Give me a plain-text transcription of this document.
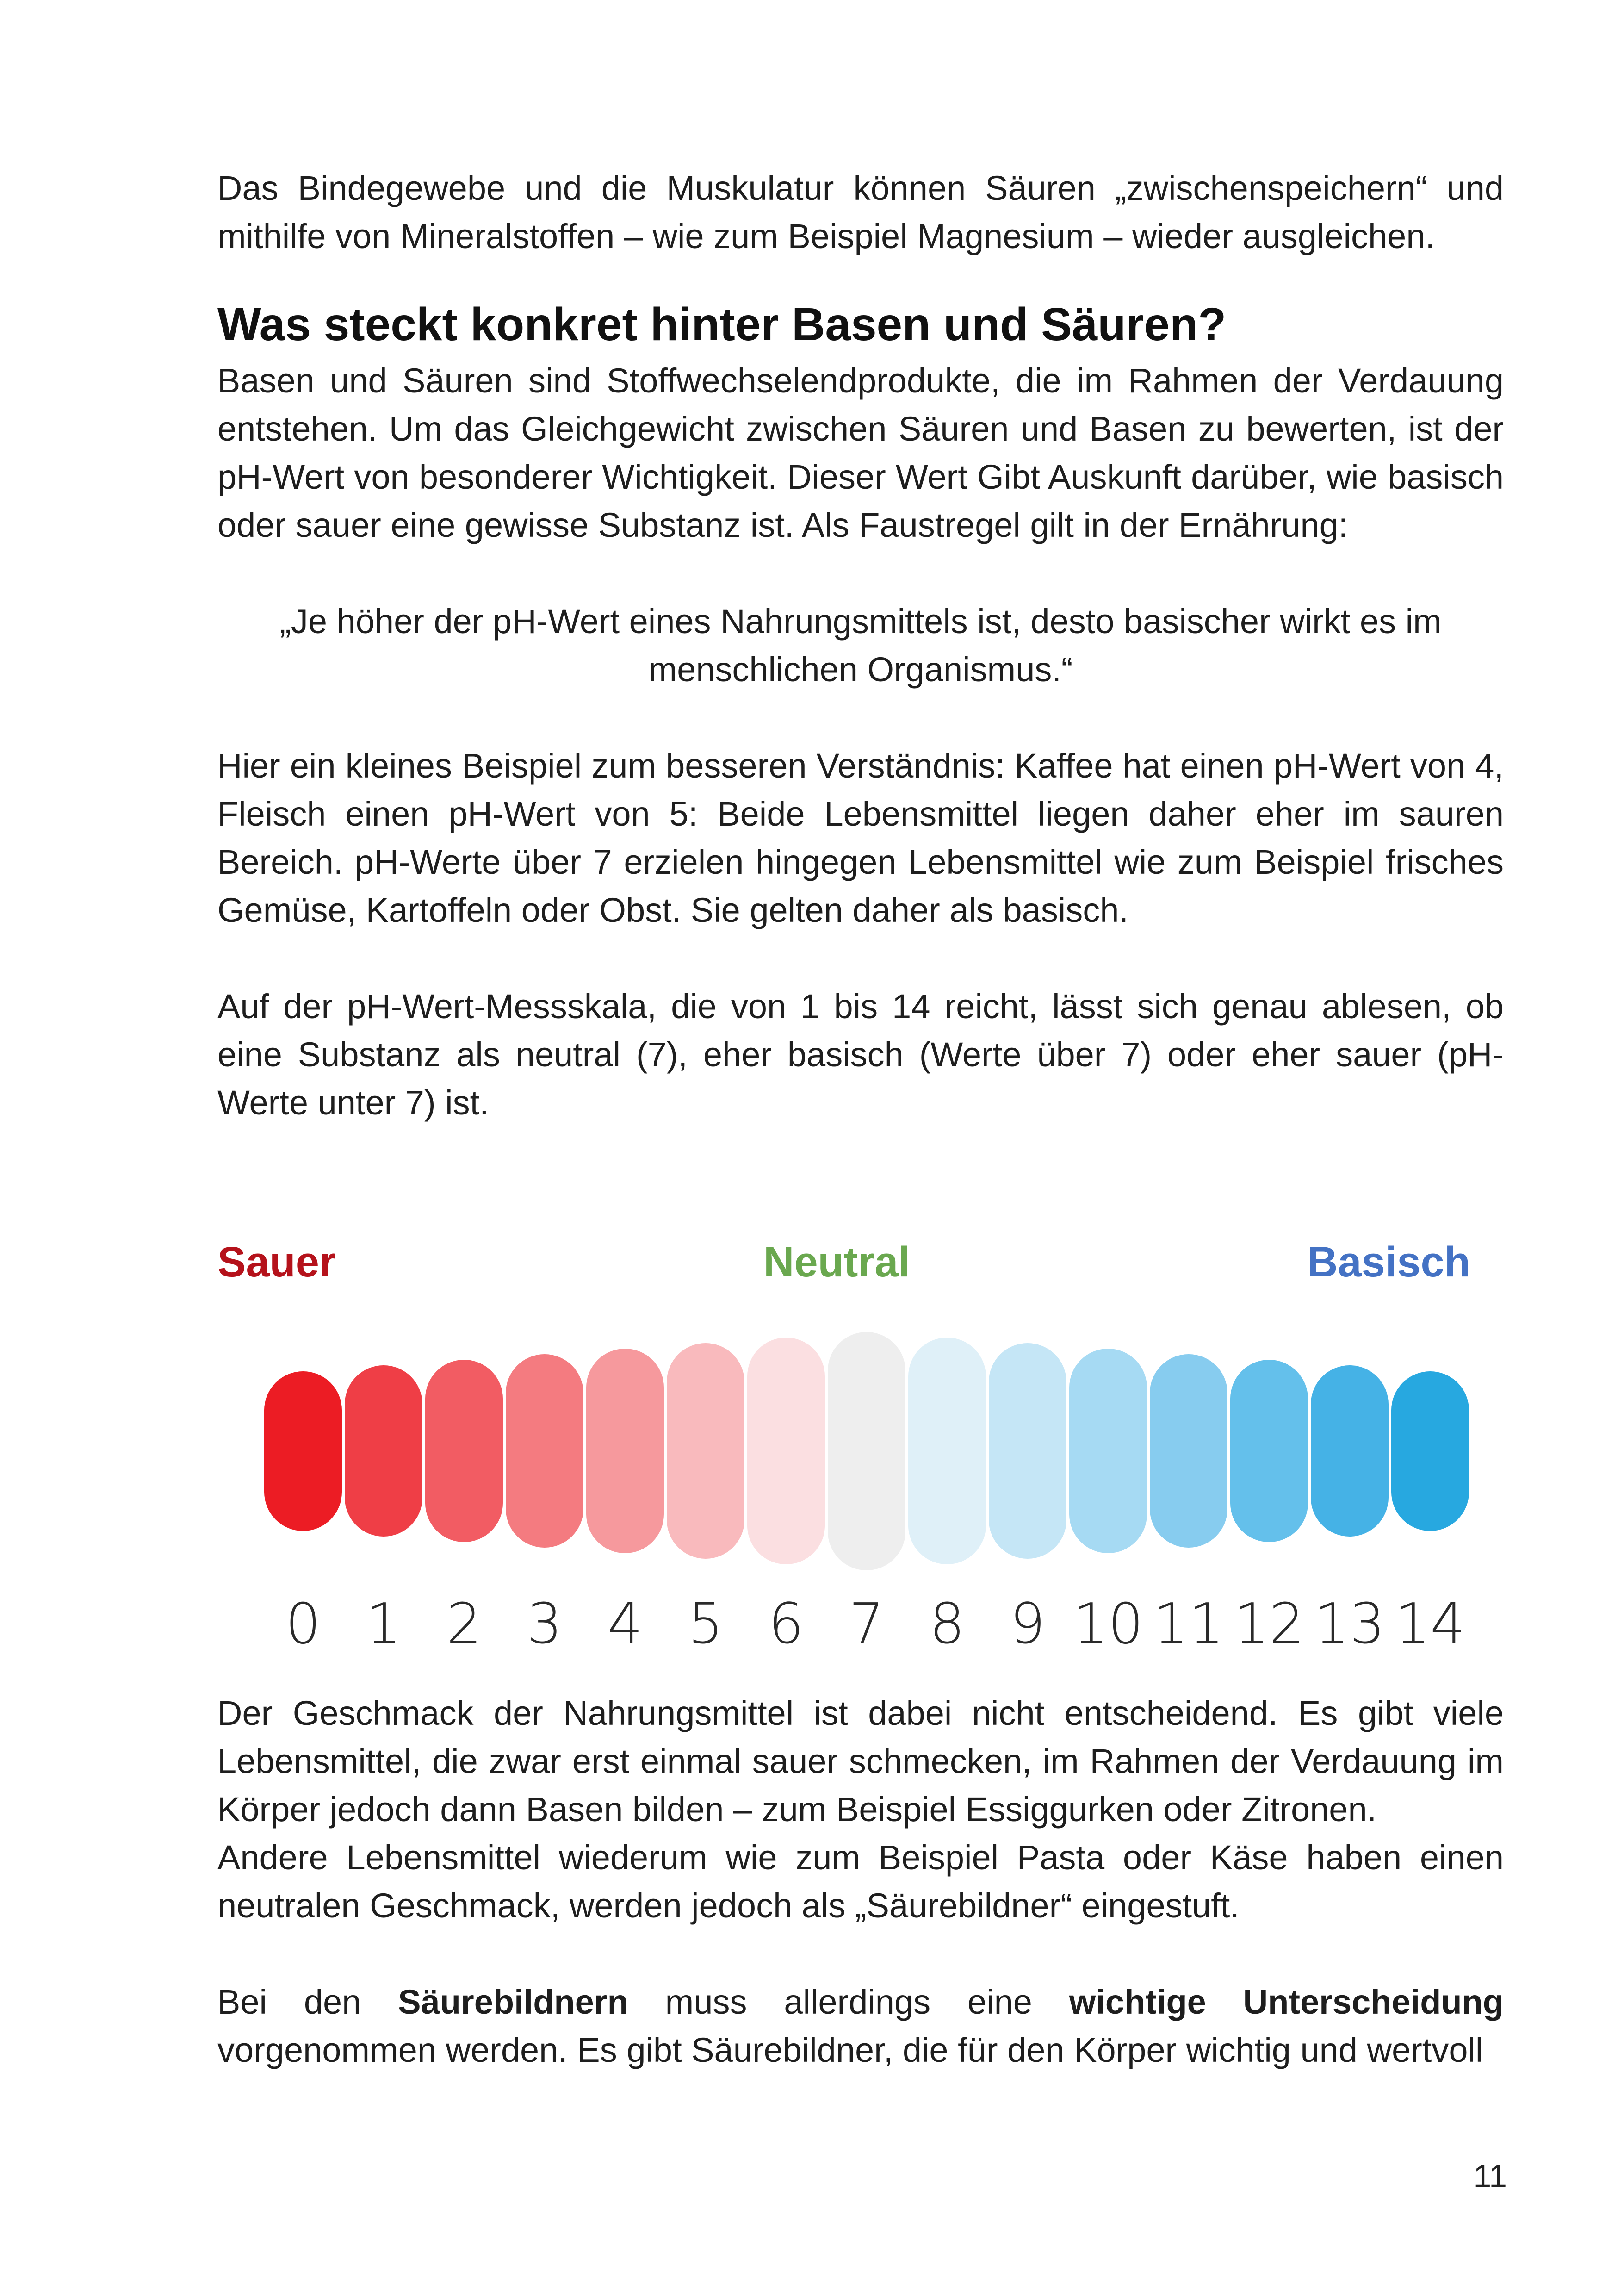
Das Bindegewebe und die Muskulatur können Säuren „zwischenspeichern“ und mithilfe von Mineralstoffen – wie zum Beispiel Magnesium – wieder ausgleichen.

Was steckt konkret hinter Basen und Säuren?

Basen und Säuren sind Stoffwechselendprodukte, die im Rahmen der Verdauung entstehen. Um das Gleichgewicht zwischen Säuren und Basen zu bewerten, ist der pH-Wert von besonderer Wichtigkeit. Dieser Wert Gibt Auskunft darüber, wie basisch oder sauer eine gewisse Substanz ist. Als Faustregel gilt in der Ernährung:

„Je höher der pH-Wert eines Nahrungsmittels ist, desto basischer wirkt es im

menschlichen Organismus.“

Hier ein kleines Beispiel zum besseren Verständnis: Kaffee hat einen pH-Wert von 4, Fleisch einen pH-Wert von 5: Beide Lebensmittel liegen daher eher im sauren Bereich. pH-Werte über 7 erzielen hingegen Lebensmittel wie zum Beispiel frisches Gemüse, Kartoffeln oder Obst. Sie gelten daher als basisch.

Auf der pH-Wert-Messskala, die von 1 bis 14 reicht, lässt sich genau ablesen, ob eine Substanz als neutral (7), eher basisch (Werte über 7) oder eher sauer (pH-Werte unter 7) ist.

Sauer	Neutral	Basisch
0 1 2 3 4 5 6 7 8 9 10 11 12 13 14

Der Geschmack der Nahrungsmittel ist dabei nicht entscheidend. Es gibt viele Lebensmittel, die zwar erst einmal sauer schmecken, im Rahmen der Verdauung im Körper jedoch dann Basen bilden – zum Beispiel Essiggurken oder Zitronen.

Andere Lebensmittel wiederum wie zum Beispiel Pasta oder Käse haben einen neutralen Geschmack, werden jedoch als „Säurebildner“ eingestuft.

Bei den Säurebildnern muss allerdings eine wichtige Unterscheidung vorgenommen werden. Es gibt Säurebildner, die für den Körper wichtig und wertvoll

11
